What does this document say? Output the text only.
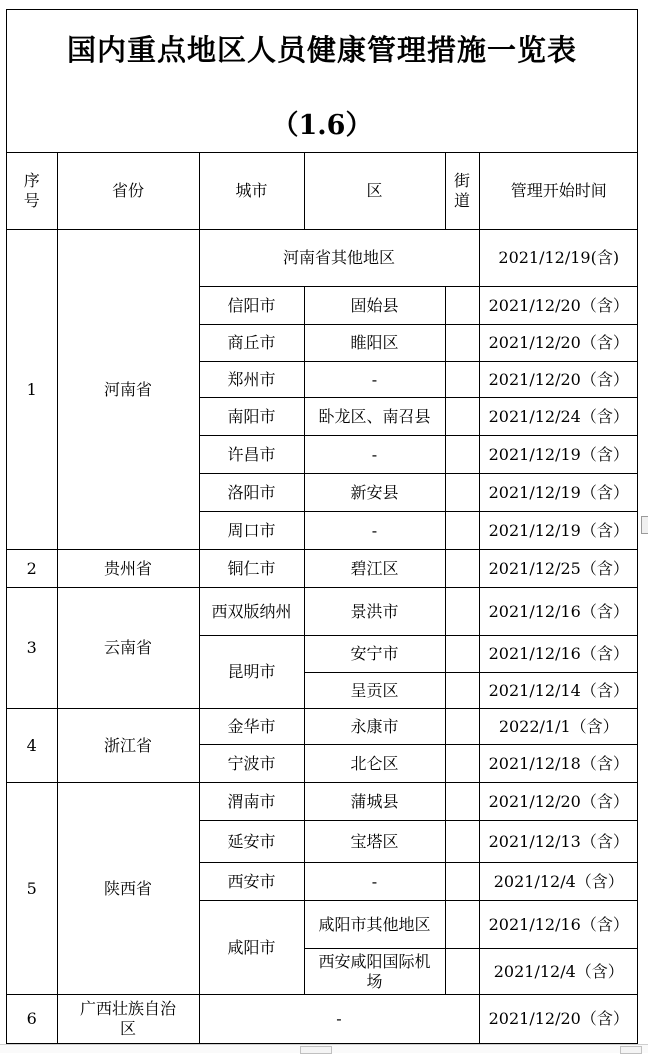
国内重点地区人员健康管理措施一览表
（1.6）
序号	省份	城市	区	街道	管理开始时间
1	河南省	河南省其他地区			2021/12/19(含)
		信阳市	固始县		2021/12/20（含）
		商丘市	睢阳区		2021/12/20（含）
		郑州市	-		2021/12/20（含）
		南阳市	卧龙区、南召县		2021/12/24（含）
		许昌市	-		2021/12/19（含）
		洛阳市	新安县		2021/12/19（含）
		周口市	-		2021/12/19（含）
2	贵州省	铜仁市	碧江区		2021/12/25（含）
3	云南省	西双版纳州	景洪市		2021/12/16（含）
		昆明市	安宁市		2021/12/16（含）
			呈贡区		2021/12/14（含）
4	浙江省	金华市	永康市		2022/1/1（含）
		宁波市	北仑区		2021/12/18（含）
5	陕西省	渭南市	蒲城县		2021/12/20（含）
		延安市	宝塔区		2021/12/13（含）
		西安市	-		2021/12/4（含）
		咸阳市	咸阳市其他地区		2021/12/16（含）
			西安咸阳国际机场		2021/12/4（含）
6	广西壮族自治区	-			2021/12/20（含）
